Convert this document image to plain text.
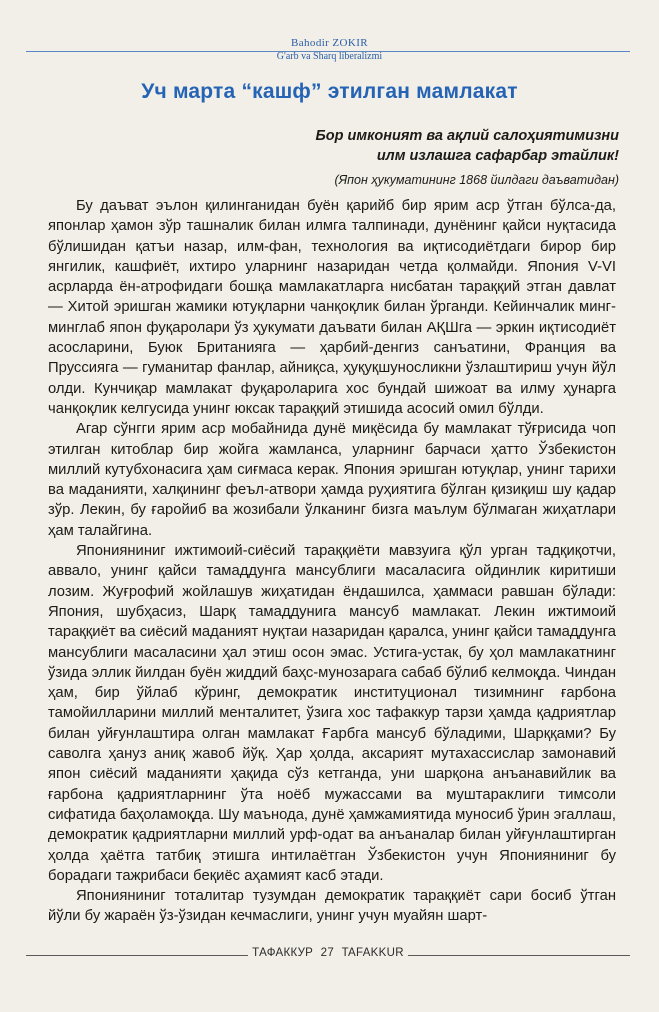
Bahodir ZOKIR
G'arb va Sharq liberalizmi
Уч марта “кашф” этилган мамлакат
Бор имконият ва ақлий салоҳиятимизни
илм излашга сафарбар этайлик!
(Япон ҳукуматининг 1868 йилдаги даъватидан)

Бу даъват эълон қилинганидан буён қарийб бир ярим аср ўтган бўлса-да, японлар ҳамон зўр ташналик билан илмга талпинади, дунёнинг қайси нуқтасида бўлишидан қатъи назар, илм-фан, технология ва иқтисодиётдаги бирор бир янгилик, кашфиёт, ихтиро уларнинг назаридан четда қолмайди. Япония V-VI асрларда ён-атрофидаги бошқа мамлакатларга нисбатан тараққий этган давлат — Хитой эришган жамики ютуқларни чанқоқлик билан ўрганди. Кейинчалик минг-минглаб япон фуқаролари ўз ҳукумати даъвати билан АҚШга — эркин иқтисодиёт асосларини, Буюк Британияга — ҳарбий-денгиз санъатини, Франция ва Пруссияга — гуманитар фанлар, айниқса, ҳуқуқшуносликни ўзлаштириш учун йўл олди. Кунчиқар мамлакат фуқароларига хос бундай шижоат ва илму ҳунарга чанқоқлик келгусида унинг юксак тараққий этишида асосий омил бўлди.

Агар сўнгги ярим аср мобайнида дунё миқёсида бу мамлакат тўғрисида чоп этилган китоблар бир жойга жамланса, уларнинг барчаси ҳатто Ўзбекистон миллий кутубхонасига ҳам сиғмаса керак. Япония эришган ютуқлар, унинг тарихи ва маданияти, халқининг феъл-атвори ҳамда руҳиятига бўлган қизиқиш шу қадар зўр. Лекин, бу ғаройиб ва жозибали ўлканинг бизга маълум бўлмаган жиҳатлари ҳам талайгина.

Японияниниг ижтимоий-сиёсий тараққиёти мавзуига қўл урган тадқиқотчи, аввало, унинг қайси тамаддунга мансублиги масаласига ойдинлик киритиши лозим. Жуғрофий жойлашув жиҳатидан ёндашилса, ҳаммаси равшан бўлади: Япония, шубҳасиз, Шарқ тамаддунига мансуб мамлакат. Лекин ижтимоий тараққиёт ва сиёсий маданият нуқтаи назаридан қаралса, унинг қайси тамаддунга мансублиги масаласини ҳал этиш осон эмас. Устига-устак, бу ҳол мамлакатнинг ўзида эллик йилдан буён жиддий баҳс-мунозарага сабаб бўлиб келмоқда. Чиндан ҳам, бир ўйлаб кўринг, демократик институционал тизимнинг ғарбона тамойилларини миллий менталитет, ўзига хос тафаккур тарзи ҳамда қадриятлар билан уйғунлаштира олган мамлакат Ғарбга мансуб бўладими, Шарққами? Бу саволга ҳануз аниқ жавоб йўқ. Ҳар ҳолда, аксарият мутахассислар замонавий япон сиёсий маданияти ҳақида сўз кетганда, уни шарқона анъанавийлик ва ғарбона қадриятларнинг ўта ноёб мужассами ва муштараклиги тимсоли сифатида баҳоламоқда. Шу маънода, дунё ҳамжамиятида муносиб ўрин эгаллаш, демократик қадриятларни миллий урф-одат ва анъаналар билан уйғунлаштирган ҳолда ҳаётга татбиқ этишга интилаётган Ўзбекистон учун Японияниниг бу борадаги тажрибаси беқиёс аҳамият касб этади.

Японияниниг тоталитар тузумдан демократик тараққиёт сари босиб ўтган йўли бу жараён ўз-ўзидан кечмаслиги, унинг учун муайян шарт-

ТАФАККУР 27 TAFAKKUR
